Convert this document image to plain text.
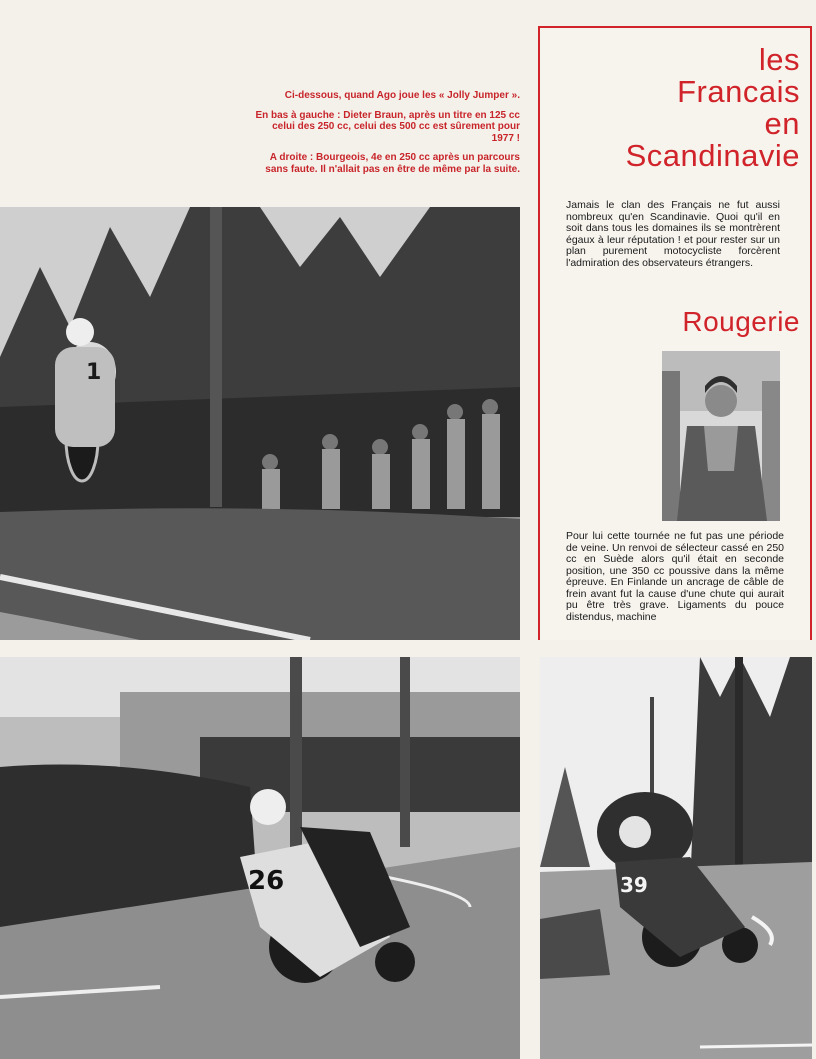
Ci-dessous, quand Ago joue les « Jolly Jumper ».

En bas à gauche : Dieter Braun, après un titre en 125 cc celui des 250 cc, celui des 500 cc est sûrement pour 1977 !

A droite : Bourgeois, 4e en 250 cc après un parcours sans faute. Il n'allait pas en être de même par la suite.

1
26	39
les
Francais
en
Scandinavie
Jamais le clan des Français ne fut aussi nombreux qu'en Scandinavie. Quoi qu'il en soit dans tous les domaines ils se montrèrent égaux à leur réputation ! et pour rester sur un plan purement motocycliste forcèrent l'admiration des observateurs étrangers.
Rougerie
Pour lui cette tournée ne fut pas une période de veine. Un renvoi de sélecteur cassé en 250 cc en Suède alors qu'il était en seconde position, une 350 cc poussive dans la même épreuve. En Finlande un ancrage de câble de frein avant fut la cause d'une chute qui aurait pu être très grave. Ligaments du pouce distendus, machine
